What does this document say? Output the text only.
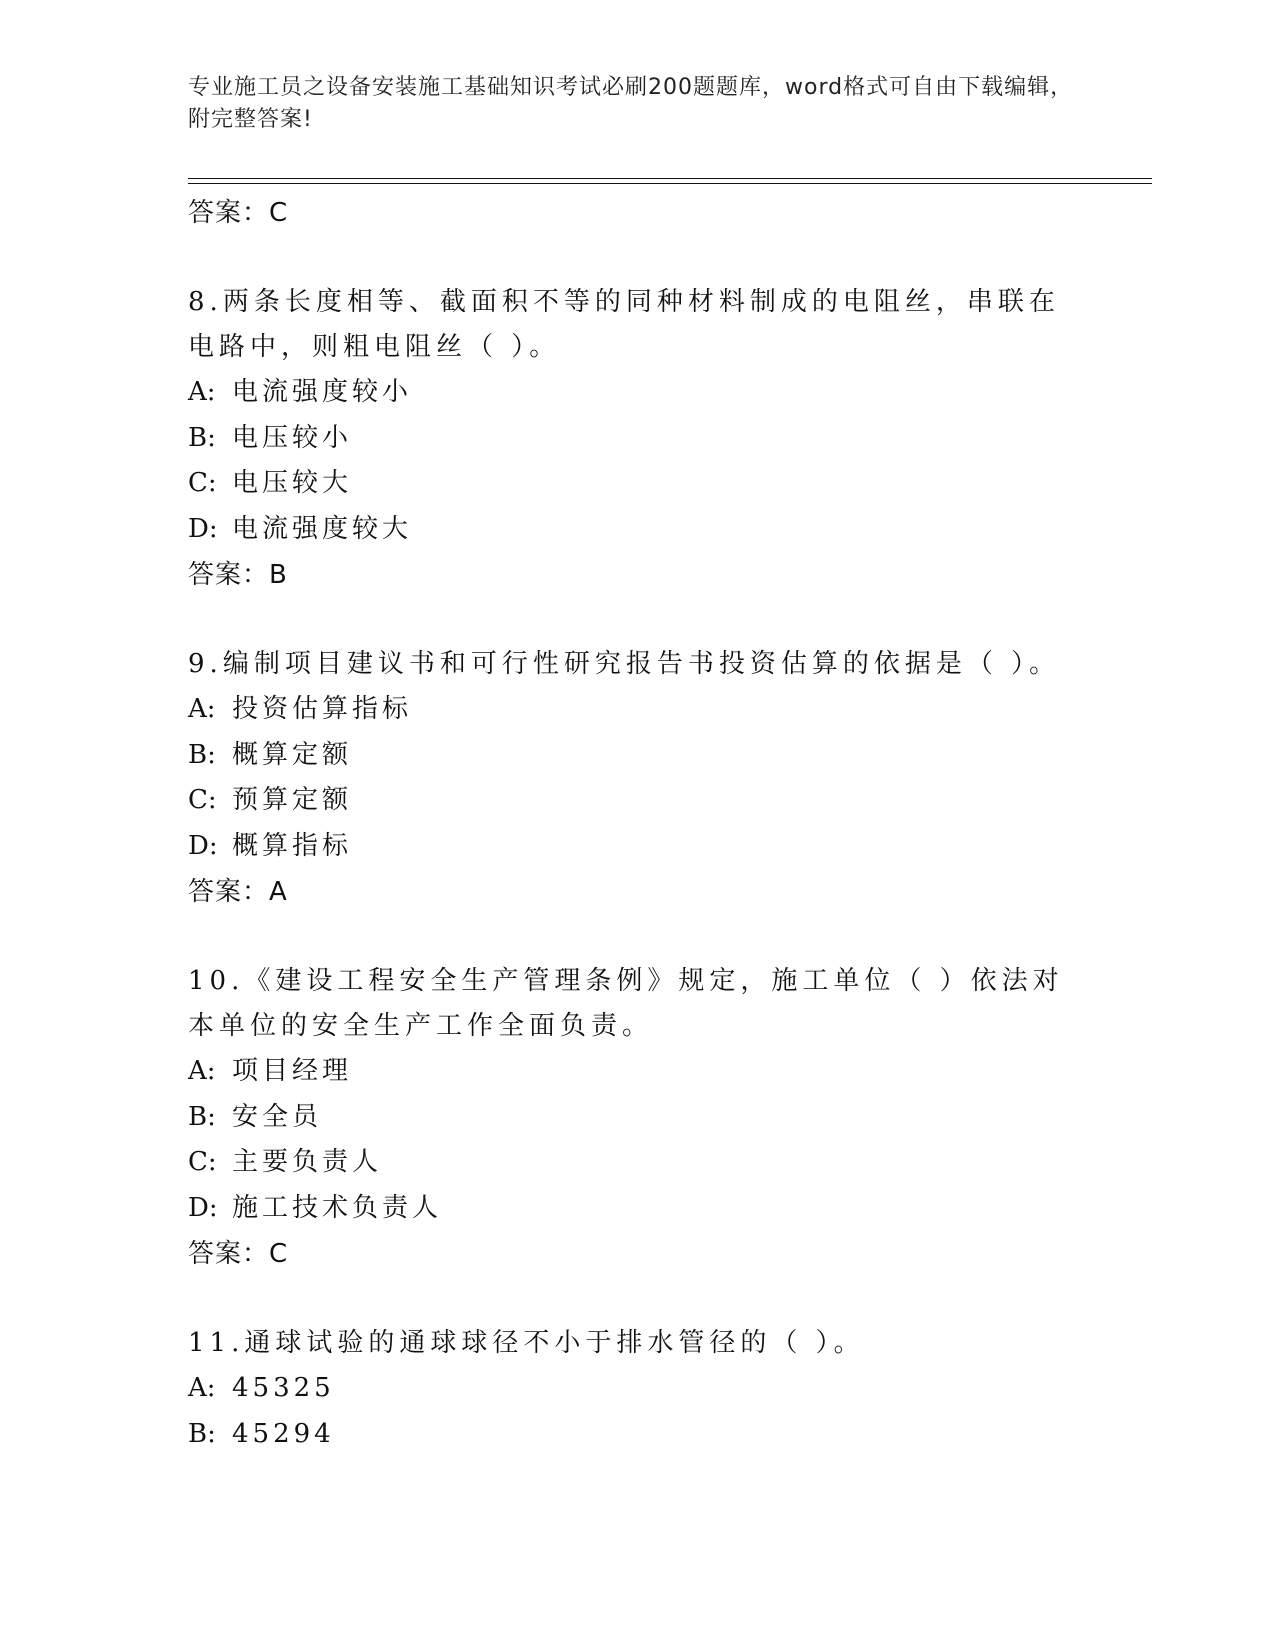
专业施工员之设备安装施工基础知识考试必刷200题题库，word格式可自由下载编辑，附完整答案!
答案：C
8.两条长度相等、截面积不等的同种材料制成的电阻丝，串联在电路中，则粗电阻丝（ ）。
A: 电流强度较小
B: 电压较小
C: 电压较大
D: 电流强度较大
答案：B
9.编制项目建议书和可行性研究报告书投资估算的依据是（ ）。
A: 投资估算指标
B: 概算定额
C: 预算定额
D: 概算指标
答案：A
10.《建设工程安全生产管理条例》规定，施工单位（ ）依法对本单位的安全生产工作全面负责。
A: 项目经理
B: 安全员
C: 主要负责人
D: 施工技术负责人
答案：C
11.通球试验的通球球径不小于排水管径的（ ）。
A: 45325
B: 45294
